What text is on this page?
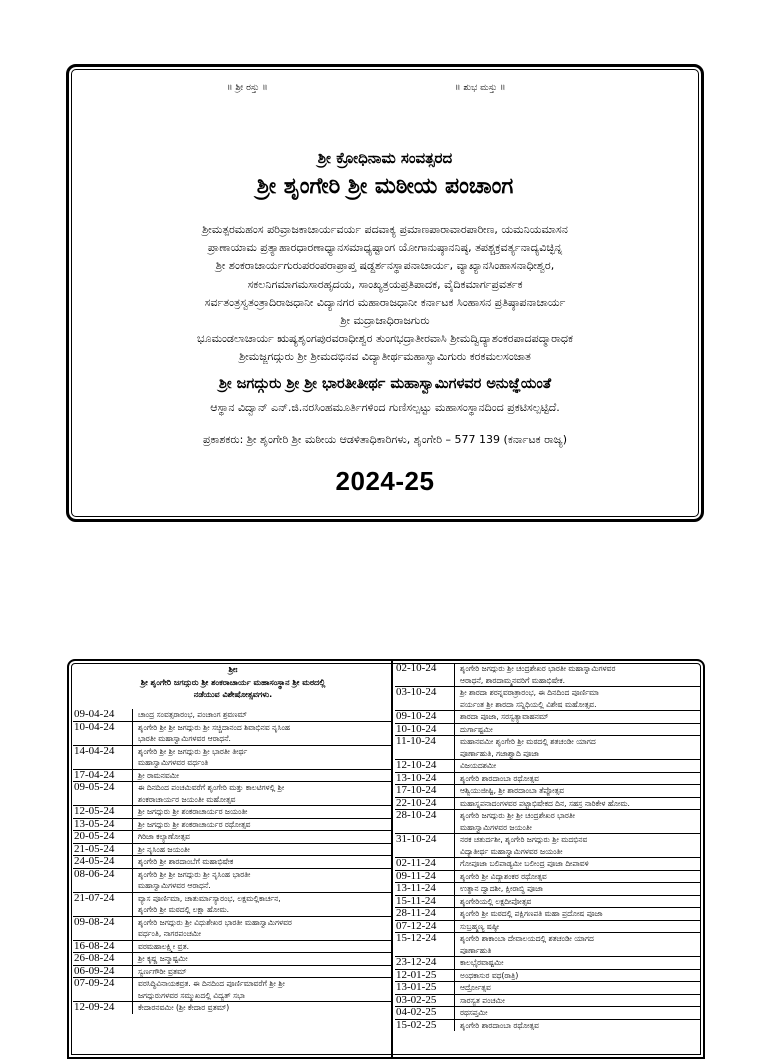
॥ ಶ್ರೀ ರಸ್ತು ॥	॥ ಶುಭ ಮಸ್ತು ॥
ಶ್ರೀ ಕ್ರೋಧಿನಾಮ ಸಂವತ್ಸರದ
ಶ್ರೀ ಶೃಂಗೇರಿ ಶ್ರೀ ಮಠೀಯ ಪಂಚಾಂಗ
ಶ್ರೀಮತ್ಪರಮಹಂಸ ಪರಿವ್ರಾಜಕಾಚಾರ್ಯವರ್ಯ ಪದವಾಕ್ಯ ಪ್ರಮಾಣಪಾರಾವಾರಪಾರೀಣ, ಯಮನಿಯಮಾಸನ
ಪ್ರಾಣಾಯಾಮ ಪ್ರತ್ಯಾಹಾರಧಾರಣಾಧ್ಯಾನಸಮಾಧ್ಯಷ್ಟಾಂಗ ಯೋಗಾನುಷ್ಠಾನನಿಷ್ಠ, ತಪಶ್ಚಕ್ರವರ್ತ್ಯನಾದ್ಯವಿಚ್ಛಿನ್ನ
ಶ್ರೀ ಶಂಕರಾಚಾರ್ಯಗುರುಪರಂಪರಾಪ್ರಾಪ್ತ ಷಡ್ದರ್ಶನಸ್ಥಾಪನಾಚಾರ್ಯ, ವ್ಯಾಖ್ಯಾನಸಿಂಹಾಸನಾಧೀಶ್ವರ,
ಸಕಲನಿಗಮಾಗಮಸಾರಹೃದಯ, ಸಾಂಖ್ಯತ್ರಯಪ್ರತಿಪಾದಕ, ವೈದಿಕಮಾರ್ಗಪ್ರವರ್ತಕ
ಸರ್ವತಂತ್ರಸ್ವತಂತ್ರಾದಿರಾಜಧಾನೀ ವಿದ್ಯಾನಗರ ಮಹಾರಾಜಧಾನೀ ಕರ್ನಾಟಕ ಸಿಂಹಾಸನ ಪ್ರತಿಷ್ಠಾಪನಾಚಾರ್ಯ
ಶ್ರೀ ಮದ್ರಾಜಾಧಿರಾಜಗುರು
ಭೂಮಂಡಲಾಚಾರ್ಯ ಋಷ್ಯಶೃಂಗಪುರವರಾಧೀಶ್ವರ ತುಂಗಭದ್ರಾತೀರವಾಸಿ ಶ್ರೀಮದ್ವಿದ್ಯಾಶಂಕರಪಾದಪದ್ಮಾರಾಧಕ
ಶ್ರೀಮಜ್ಜಗದ್ಗುರು ಶ್ರೀ ಶ್ರೀಮದಭಿನವ ವಿದ್ಯಾತೀರ್ಥಮಹಾಸ್ವಾಮಿಗುರು ಕರಕಮಲಸಂಜಾತ
ಶ್ರೀ ಜಗದ್ಗುರು ಶ್ರೀ ಶ್ರೀ ಭಾರತೀತೀರ್ಥ ಮಹಾಸ್ವಾಮಿಗಳವರ ಅನುಜ್ಞೆಯಂತೆ
ಆಸ್ಥಾನ ವಿದ್ವಾನ್ ಎನ್.ಜಿ.ನರಸಿಂಹಮೂರ್ತಿಗಳಿಂದ ಗುಣಿಸಲ್ಪಟ್ಟು ಮಹಾಸಂಸ್ಥಾನದಿಂದ ಪ್ರಕಟಿಸಲ್ಪಟ್ಟಿದೆ.
ಪ್ರಕಾಶಕರು: ಶ್ರೀ ಶೃಂಗೇರಿ ಶ್ರೀ ಮಠೀಯ ಆಡಳಿತಾಧಿಕಾರಿಗಳು, ಶೃಂಗೇರಿ – 577 139 (ಕರ್ನಾಟಕ ರಾಜ್ಯ)
2024-25
ಶ್ರೀಃ
ಶ್ರೀ ಶೃಂಗೇರಿ ಜಗದ್ಗುರು ಶ್ರೀ ಶಂಕರಾಚಾರ್ಯ ಮಹಾಸಂಸ್ಥಾನ ಶ್ರೀ ಮಠದಲ್ಲಿ
ನಡೆಯುವ ವಿಶೇಷೋತ್ಸವಗಳು.
09-04-24	ಚಾಂದ್ರ ಸಂವತ್ಸರಾರಂಭ, ಪಂಚಾಂಗ ಶ್ರವಣಮ್
10-04-24	ಶೃಂಗೇರಿ ಶ್ರೀ ಶ್ರೀ ಜಗದ್ಗುರು ಶ್ರೀ ಸಚ್ಚಿದಾನಂದ ಶಿವಾಭಿನವ ನೃಸಿಂಹ
ಭಾರತೀ ಮಹಾಸ್ವಾಮಿಗಳವರ ಆರಾಧನೆ.
14-04-24	ಶೃಂಗೇರಿ ಶ್ರೀ ಶ್ರೀ ಜಗದ್ಗುರು ಶ್ರೀ ಭಾರತೀ ತೀರ್ಥ
ಮಹಾಸ್ವಾಮಿಗಳವರ ವರ್ಧಂತಿ
17-04-24	ಶ್ರೀ ರಾಮನವಮೀ
09-05-24	ಈ ದಿನದಿಂದ ಪಂಚಮಿವರೆಗೆ ಶೃಂಗೇರಿ ಮತ್ತು ಕಾಲಟಿಗಳಲ್ಲಿ ಶ್ರೀ
ಶಂಕರಾಚಾರ್ಯರ ಜಯಂತೀ ಮಹೋತ್ಸವ
12-05-24	ಶ್ರೀ ಜಗದ್ಗುರು ಶ್ರೀ ಶಂಕರಾಚಾರ್ಯರ ಜಯಂತೀ
13-05-24	ಶ್ರೀ ಜಗದ್ಗುರು ಶ್ರೀ ಶಂಕರಾಚಾರ್ಯರ ರಥೋತ್ಸವ
20-05-24	ಗಿರಿಜಾ ಕಲ್ಯಾಣೋತ್ಸವ
21-05-24	ಶ್ರೀ ನೃಸಿಂಹ ಜಯಂತೀ
24-05-24	ಶೃಂಗೇರಿ ಶ್ರೀ ಶಾರದಾಂಬೆಗೆ ಮಹಾಭಿಷೇಕ
08-06-24	ಶೃಂಗೇರಿ ಶ್ರೀ ಶ್ರೀ ಜಗದ್ಗುರು ಶ್ರೀ ನೃಸಿಂಹ ಭಾರತೀ
ಮಹಾಸ್ವಾಮಿಗಳವರ ಆರಾಧನೆ.
21-07-24	ವ್ಯಾಸ ಪೂರ್ಣಿಮಾ, ಚಾತುರ್ಮಾಸ್ಯಾರಂಭ, ಲಕ್ಷಮಲ್ಲಿಕಾರ್ಚನ,
ಶೃಂಗೇರಿ ಶ್ರೀ ಮಠದಲ್ಲಿ ಲಕ್ಷಾ ಹೋಮ.
09-08-24	ಶೃಂಗೇರಿ ಜಗದ್ಗುರು ಶ್ರೀ ವಿಧುಶೇಖರ ಭಾರತೀ ಮಹಾಸ್ವಾಮಿಗಳವರ
ವರ್ಧಂತಿ, ನಾಗರಪಂಚಮೀ
16-08-24	ವರಮಹಾಲಕ್ಷ್ಮೀ ವ್ರತ.
26-08-24	ಶ್ರೀ ಕೃಷ್ಣ ಜನ್ಮಾಷ್ಟಮೀ
06-09-24	ಸ್ವರ್ಣಗೌರೀ ವ್ರತಮ್
07-09-24	ವರಸಿದ್ಧಿವಿನಾಯಕವ್ರತ. ಈ ದಿನದಿಂದ ಪೂರ್ಣಿಮಾವರೆಗೆ ಶ್ರೀ ಶ್ರೀ
ಜಗದ್ಗುರುಗಳವರ ಸಮ್ಮುಖದಲ್ಲಿ ವಿದ್ವತ್ ಸಭಾ
12-09-24	ಕೇದಾರನವಮೀ (ಶ್ರೀ ಕೇದಾರ ವ್ರತಮ್)
02-10-24	ಶೃಂಗೇರಿ ಜಗದ್ಗುರು ಶ್ರೀ ಚಂದ್ರಶೇಖರ ಭಾರತೀ ಮಹಾಸ್ವಾಮಿಗಳವರ
ಆರಾಧನೆ, ಶಾರದಾಮ್ಮನವರಿಗೆ ಮಹಾಭಿಷೇಕ.
03-10-24	ಶ್ರೀ ಶಾರದಾ ಶರನ್ನವರಾತ್ರಾರಂಭ, ಈ ದಿನದಿಂದ ಪೂರ್ಣಿಮಾ
ಪರ್ಯಂತ ಶ್ರೀ ಶಾರದಾ ಸನ್ನಿಧಿಯಲ್ಲಿ ವಿಶೇಷ ಮಹೋತ್ಸವ.
09-10-24	ಶಾರದಾ ಪೂಜಾ, ಸರಸ್ವತ್ಯಾವಾಹನಮ್
10-10-24	ದುರ್ಗಾಷ್ಟಮೀ
11-10-24	ಮಹಾನವಮೀ ಶೃಂಗೇರಿ ಶ್ರೀ ಮಠದಲ್ಲಿ ಶತಚಂಡೀ ಯಾಗದ
ಪೂರ್ಣಾಹುತಿ, ಗಜಾಶ್ವಾದಿ ಪೂಜಾ
12-10-24	ವಿಜಯದಶಮೀ
13-10-24	ಶೃಂಗೇರಿ ಶಾರದಾಂಬಾ ರಥೋತ್ಸವ
17-10-24	ಆಶ್ವಿಯುಜೀಷ್ಟಿ, ಶ್ರೀ ಶಾರದಾಂಬಾ ತೆಪ್ಪೋತ್ಸವ
22-10-24	ಮಹಾಸ್ನಪನಾದಂಗಳವರ ಪಟ್ಟಾಭಿಷೇಕದ ದಿನ, ಸಹಸ್ರ ನಾರಿಕೇಳ ಹೋಮ.
28-10-24	ಶೃಂಗೇರಿ ಜಗದ್ಗುರು ಶ್ರೀ ಶ್ರೀ ಚಂದ್ರಶೇಖರ ಭಾರತೀ
ಮಹಾಸ್ವಾಮಿಗಳವರ ಜಯಂತೀ
31-10-24	ನರಕ ಚತುರ್ದಶೀ, ಶೃಂಗೇರಿ ಜಗದ್ಗುರು ಶ್ರೀ ಮದಭಿನವ
ವಿದ್ಯಾತೀರ್ಥ ಮಹಾಸ್ವಾಮಿಗಳವರ ಜಯಂತೀ
02-11-24	ಗೋಪೂಜಾ ಬಲಿಪಾಡ್ಯಮೀ ಬಲೀಂದ್ರ ಪೂಜಾ ದೀಪಾವಳಿ
09-11-24	ಶೃಂಗೇರಿ ಶ್ರೀ ವಿದ್ಯಾಶಂಕರ ರಥೋತ್ಸವ
13-11-24	ಉತ್ಥಾನ ದ್ವಾದಶೀ, ಕ್ಷೀರಾಬ್ಧಿ ಪೂಜಾ
15-11-24	ಶೃಂಗೇರಿಯಲ್ಲಿ ಲಕ್ಷದೀಪೋತ್ಸವ
28-11-24	ಶೃಂಗೇರಿ ಶ್ರೀ ಮಠದಲ್ಲಿ ಪಕ್ಷಿಗಣಪತಿ ಮಹಾ ಪ್ರದೋಷ ಪೂಜಾ
07-12-24	ಸುಬ್ರಹ್ಮಣ್ಯ ಷಷ್ಠೀ
15-12-24	ಶೃಂಗೇರಿ ಶಾಕಾಂಬಾ ದೇವಾಲಯದಲ್ಲಿ ಶತಚಂಡೀ ಯಾಗದ
ಪೂರ್ಣಾಹುತಿ
23-12-24	ಕಾಲಭೈರವಾಷ್ಟಮೀ
12-01-25	ಅಂಧಕಾಸುರ ವಧ(ರಾತ್ರಿ)
13-01-25	ಆರ್ದ್ರೋತ್ಸವ
03-02-25	ಸಾರಸ್ವತ ಪಂಚಮೀ
04-02-25	ರಥಸಪ್ತಮೀ
15-02-25	ಶೃಂಗೇರಿ ಶಾರದಾಂಬಾ ರಥೋತ್ಸವ
